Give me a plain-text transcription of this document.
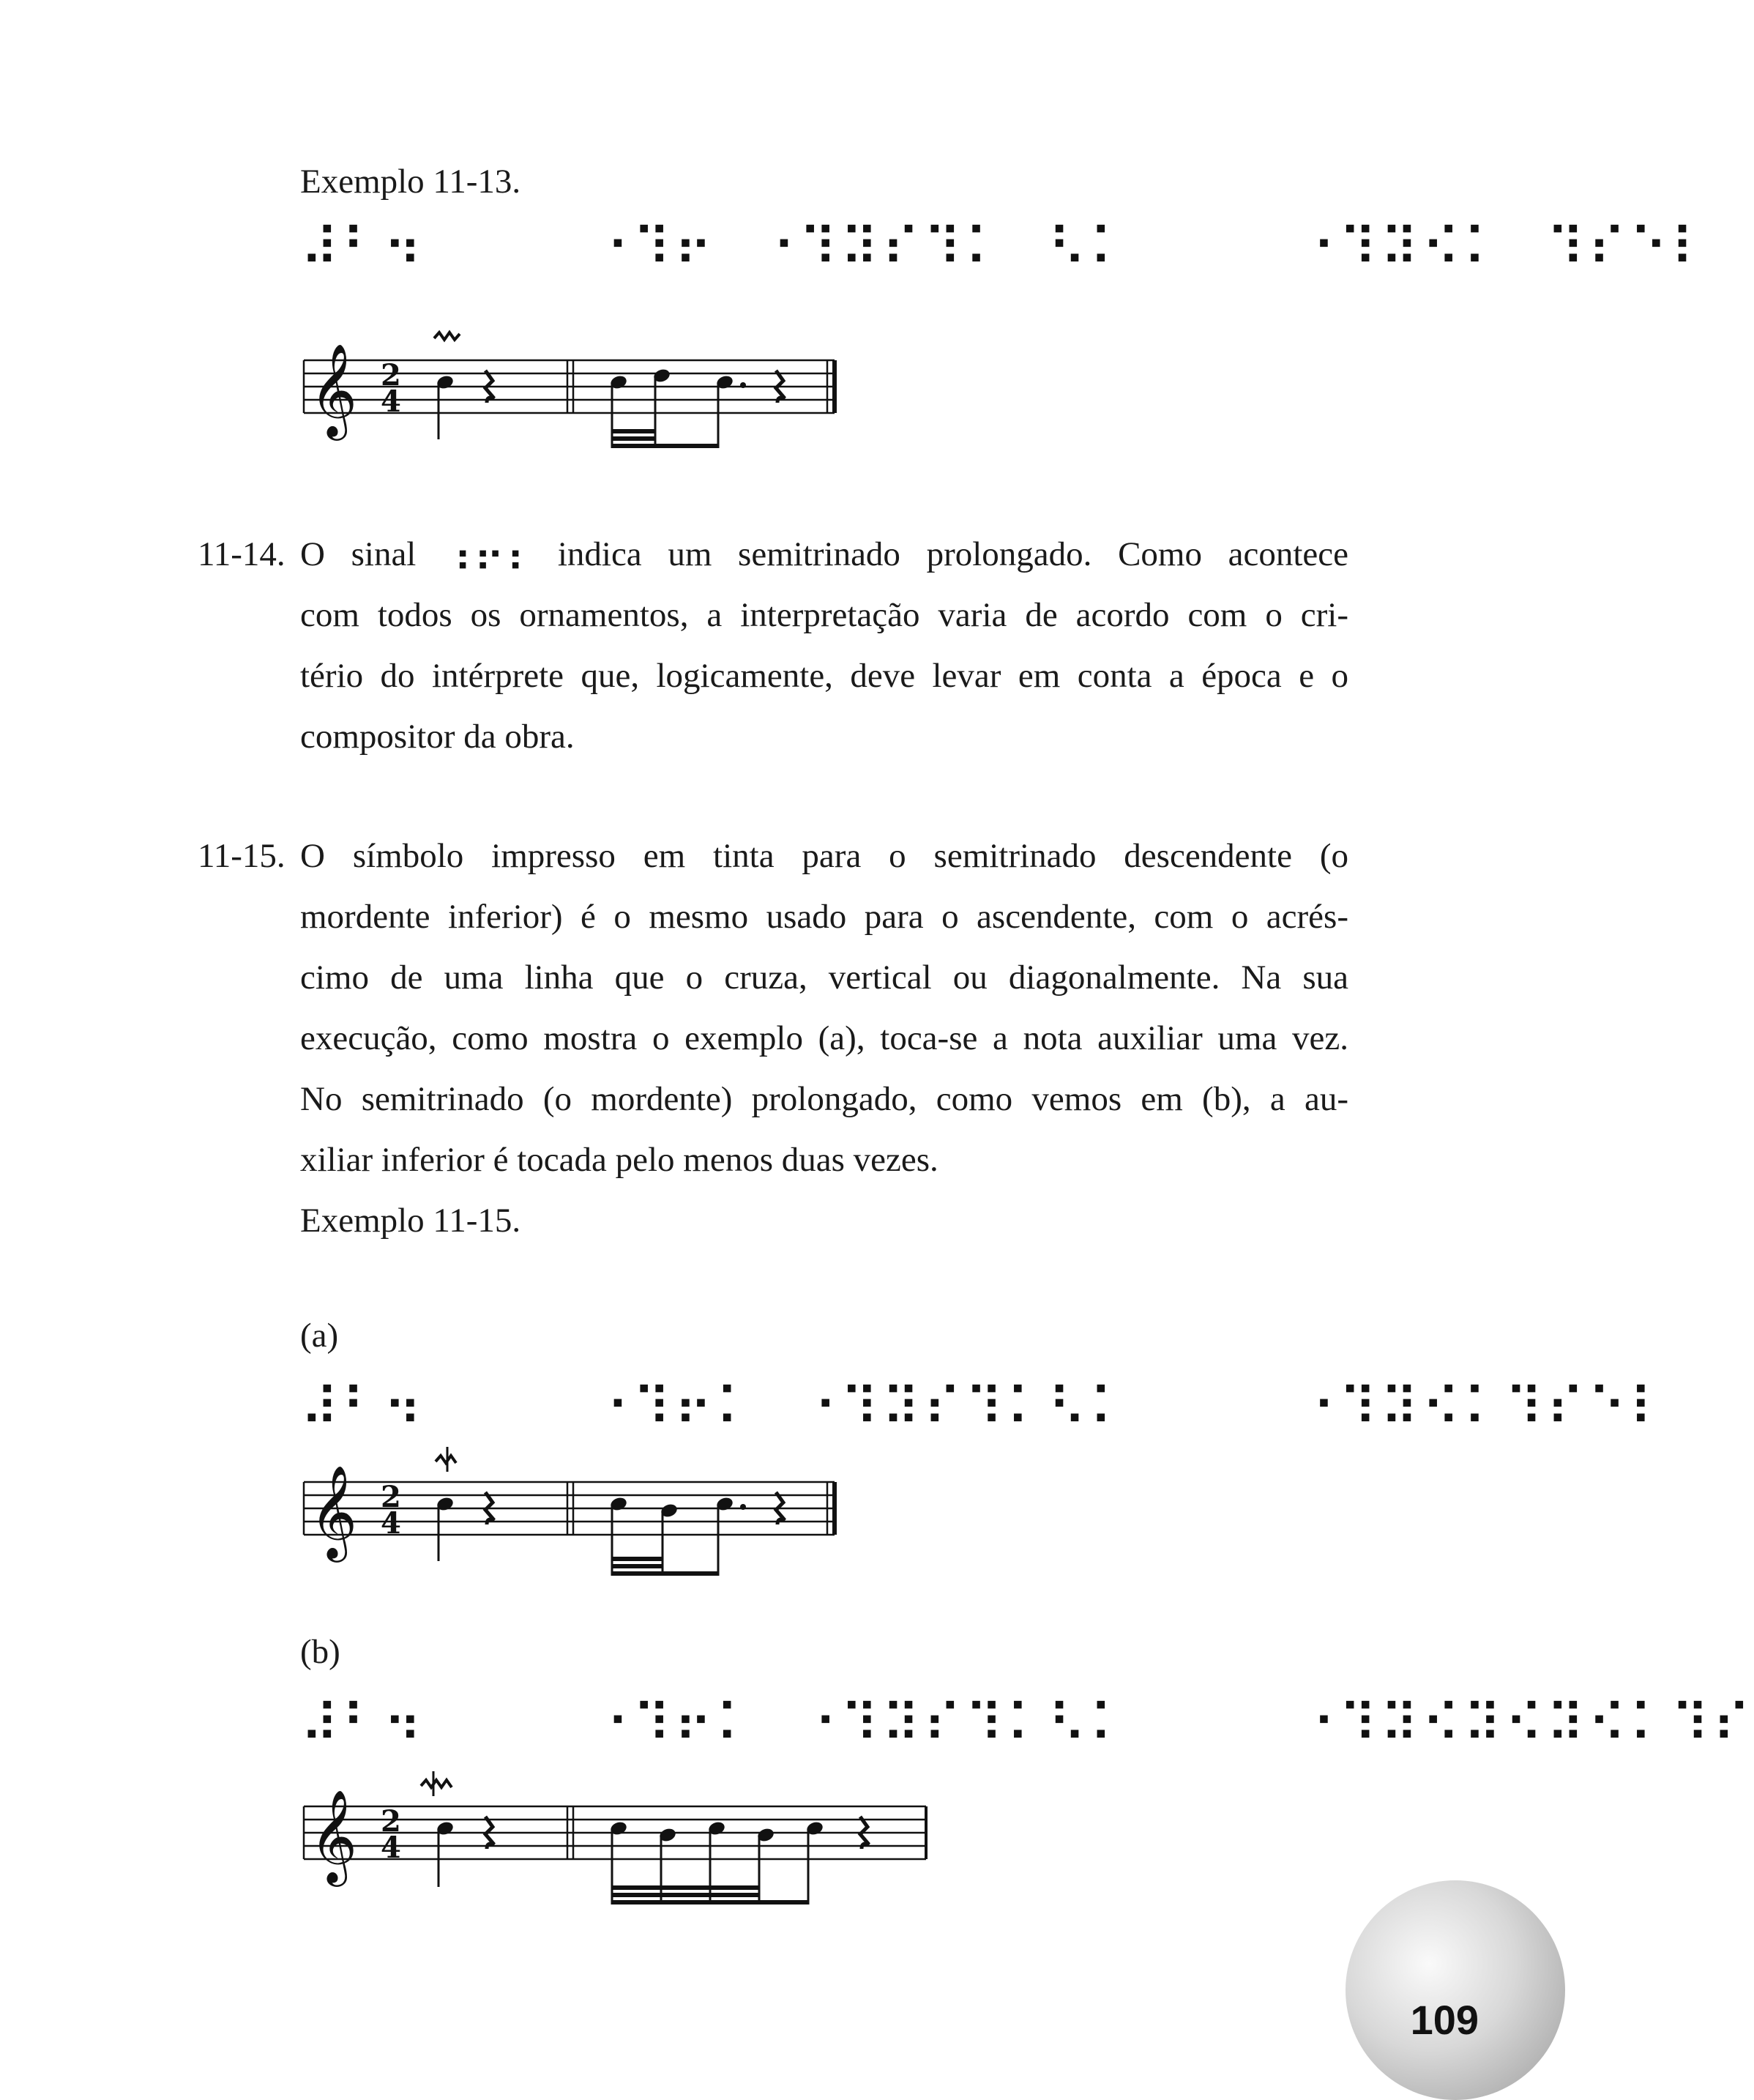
Exemplo 11-13.
⠼⠃⠲⠀⠀⠀⠀⠐⠹⠖⠀⠐⠹⠽⠎⠹⠅⠀⠣⠅⠀⠀⠀⠀⠐⠹⠽⠪⠅⠀⠹⠎⠑⠇
𝄞 2
4
11-14. O sinal ⠰⠖⠆ indica um semitrinado prolongado. Como acontece
com todos os ornamentos, a interpretação varia de acordo com o cri-
tério do intérprete que, logicamente, deve levar em conta a época e o
compositor da obra.
11-15. O símbolo impresso em tinta para o semitrinado descendente (o
mordente inferior) é o mesmo usado para o ascendente, com o acrés-
cimo de uma linha que o cruza, vertical ou diagonalmente. Na sua
execução, como mostra o exemplo (a), toca-se a nota auxiliar uma vez.
No semitrinado (o mordente) prolongado, como vemos em (b), a au-
xiliar inferior é tocada pelo menos duas vezes.
Exemplo 11-15.
(a)
⠼⠃⠲⠀⠀⠀⠀⠐⠹⠖⠅⠀⠐⠹⠽⠎⠹⠅⠣⠅⠀⠀⠀⠀⠐⠹⠽⠪⠅⠹⠎⠑⠇
𝄞 2
4
(b)
⠼⠃⠲⠀⠀⠀⠀⠐⠹⠖⠅⠀⠐⠹⠽⠎⠹⠅⠣⠅⠀⠀⠀⠀⠐⠹⠽⠪⠽⠪⠽⠪⠅⠹⠎
𝄞 2
4
109
